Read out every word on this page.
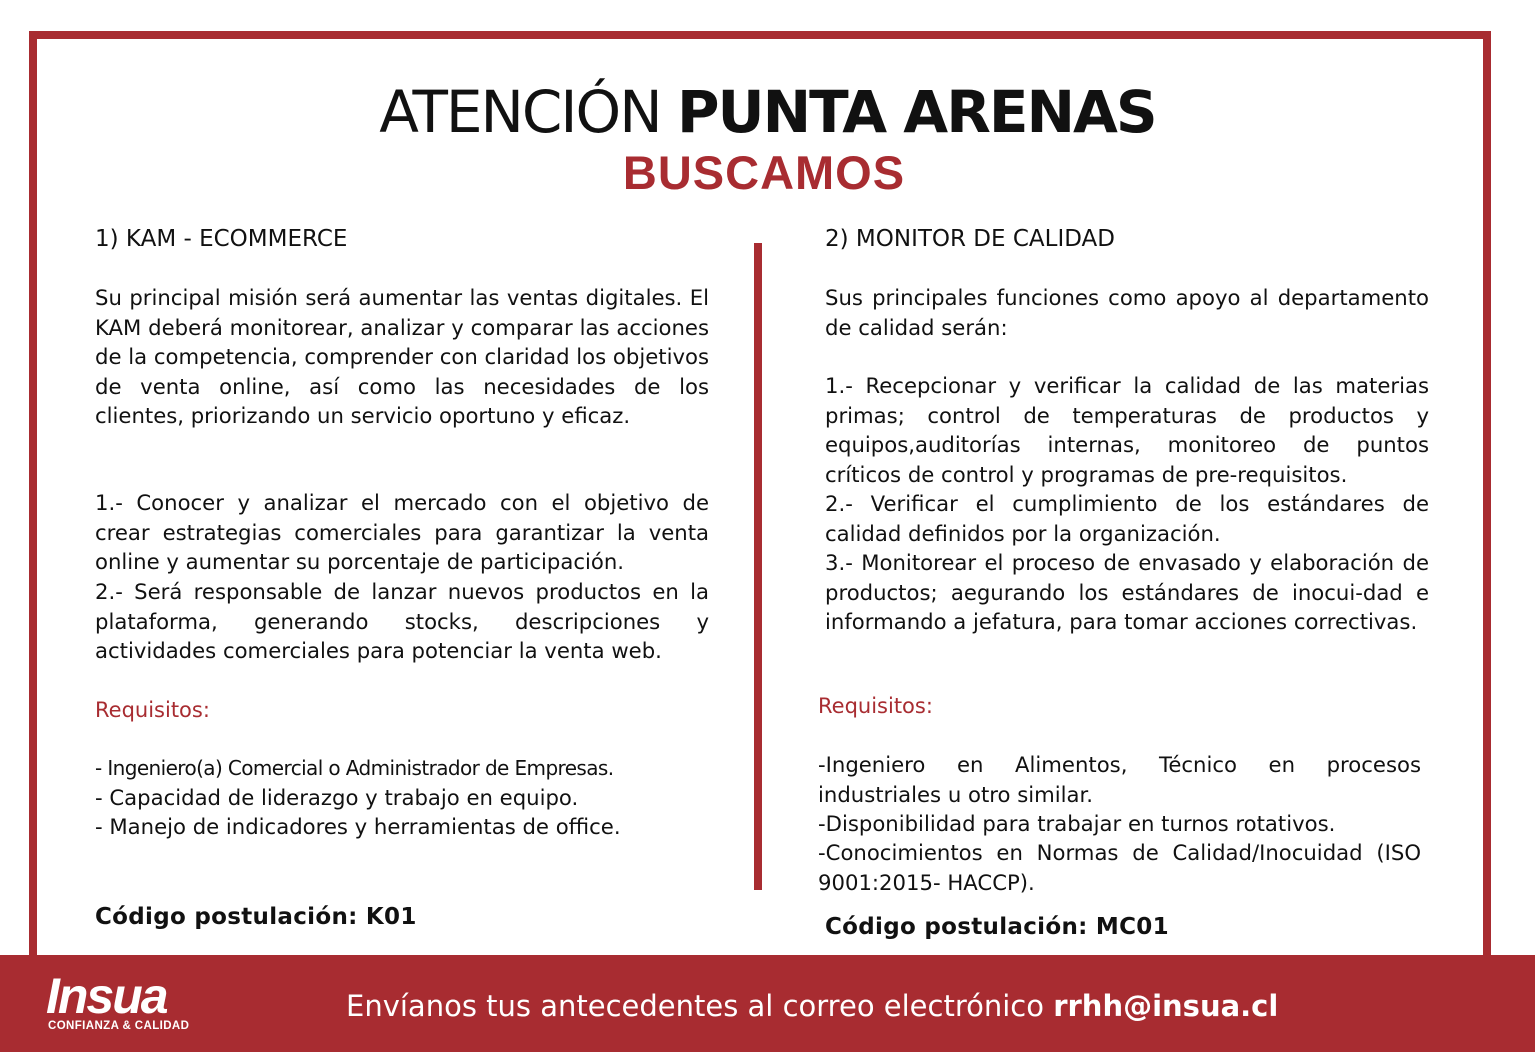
ATENCIÓN PUNTA ARENAS
BUSCAMOS
1) KAM - ECOMMERCE
Su principal misión será aumentar las ventas digitales. El KAM deberá monitorear, analizar y comparar las acciones de la competencia, comprender con claridad los objetivos de venta online, así como las necesidades de los clientes, priorizando un servicio oportuno y eficaz.
1.- Conocer y analizar el mercado con el objetivo de crear estrategias comerciales para garantizar la venta online y aumentar su porcentaje de participación.
2.- Será responsable de lanzar nuevos productos en la plataforma, generando stocks, descripciones y actividades comerciales para potenciar la venta web.
Requisitos:
- Ingeniero(a) Comercial o Administrador de Empresas.
- Capacidad de liderazgo y trabajo en equipo.
- Manejo de indicadores y herramientas de office.
Código postulación: K01
2) MONITOR DE CALIDAD
Sus principales funciones como apoyo al departamento de calidad serán:
1.- Recepcionar y verificar la calidad de las materias primas; control de temperaturas de productos y equipos,auditorías internas, monitoreo de puntos críticos de control y programas de pre-requisitos.
2.- Verificar el cumplimiento de los estándares de calidad definidos por la organización.
3.- Monitorear el proceso de envasado y elaboración de productos; aegurando los estándares de inocui-dad e informando a jefatura, para tomar acciones correctivas.
Requisitos:
-Ingeniero en Alimentos, Técnico en procesos industriales u otro similar.
-Disponibilidad para trabajar en turnos rotativos.
-Conocimientos en Normas de Calidad/Inocuidad (ISO 9001:2015- HACCP).
Código postulación: MC01
Insua
CONFIANZA & CALIDAD
Envíanos tus antecedentes al correo electrónico rrhh@insua.cl
